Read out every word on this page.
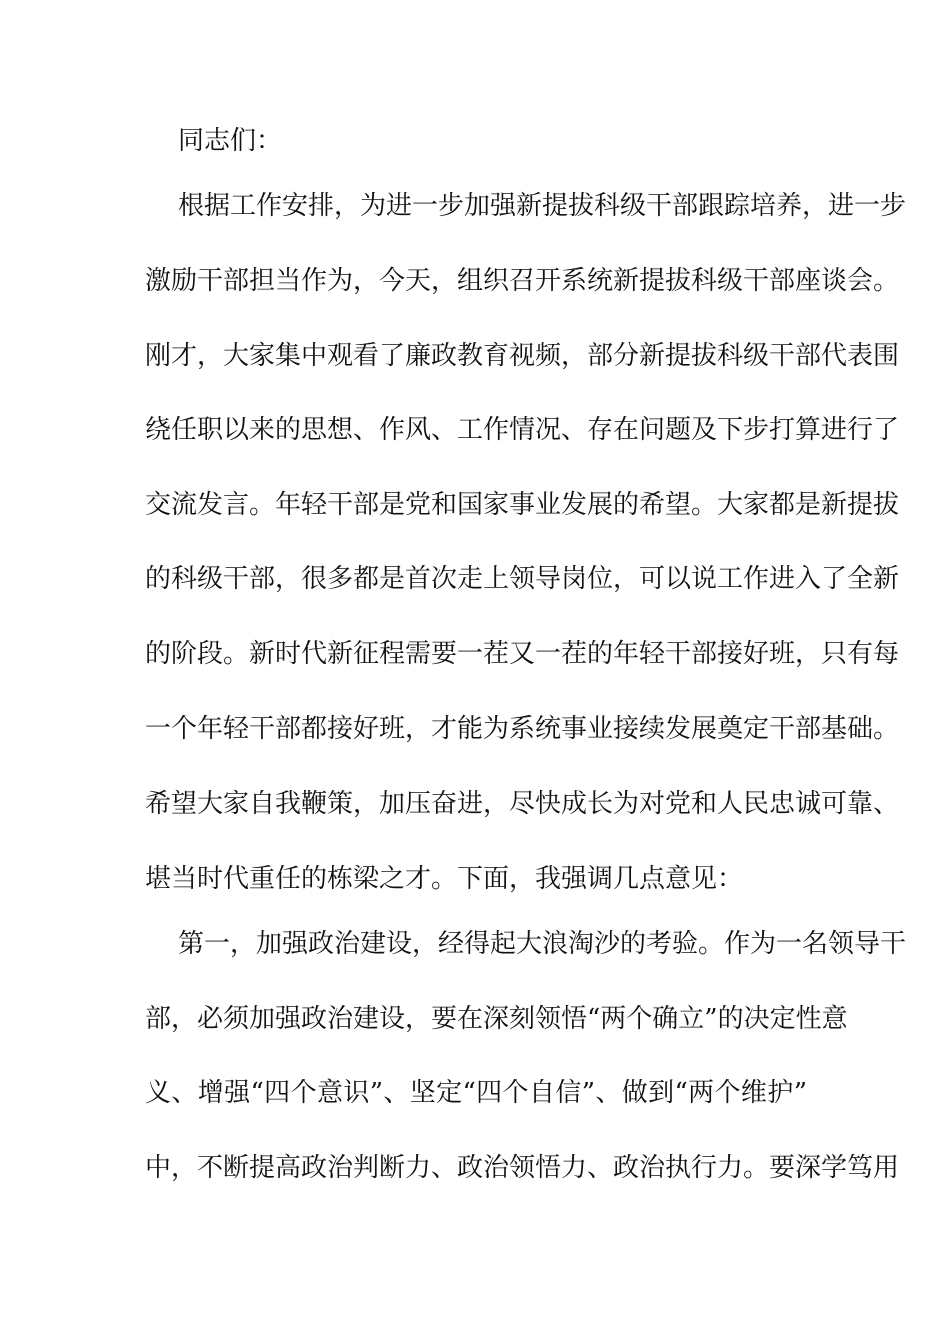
同志们：
根据工作安排，为进一步加强新提拔科级干部跟踪培养，进一步
激励干部担当作为，今天，组织召开系统新提拔科级干部座谈会。
刚才，大家集中观看了廉政教育视频，部分新提拔科级干部代表围
绕任职以来的思想、作风、工作情况、存在问题及下步打算进行了
交流发言。年轻干部是党和国家事业发展的希望。大家都是新提拔
的科级干部，很多都是首次走上领导岗位，可以说工作进入了全新
的阶段。新时代新征程需要一茬又一茬的年轻干部接好班，只有每
一个年轻干部都接好班，才能为系统事业接续发展奠定干部基础。
希望大家自我鞭策，加压奋进，尽快成长为对党和人民忠诚可靠、
堪当时代重任的栋梁之才。下面，我强调几点意见：
第一，加强政治建设，经得起大浪淘沙的考验。作为一名领导干
部，必须加强政治建设，要在深刻领悟“两个确立”的决定性意
义、增强“四个意识”、坚定“四个自信”、做到“两个维护”
中，不断提高政治判断力、政治领悟力、政治执行力。要深学笃用
